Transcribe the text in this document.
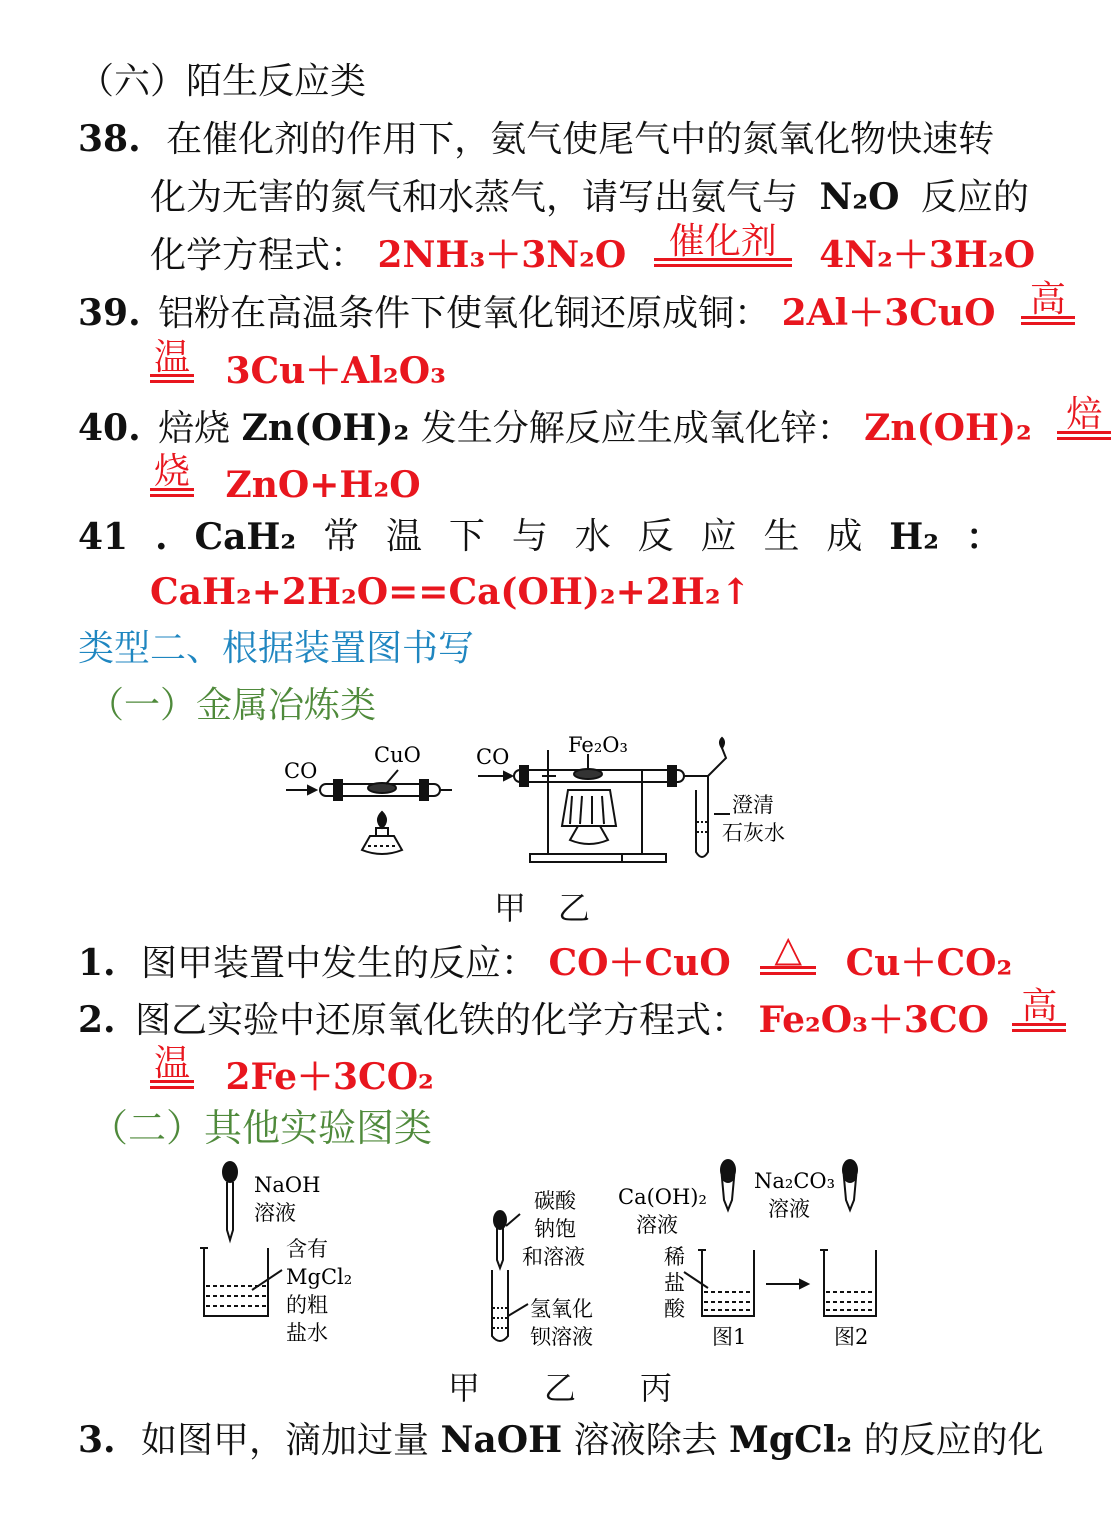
（六）陌生反应类
38. 在催化剂的作用下，氨气使尾气中的氮氧化物快速转
化为无害的氮气和水蒸气，请写出氨气与 N₂O 反应的
化学方程式： 2NH₃＋3N₂O 催化剂 4N₂＋3H₂O
39. 铝粉在高温条件下使氧化铜还原成铜： 2Al＋3CuO 高
温 3Cu＋Al₂O₃
40. 焙烧 Zn(OH)₂ 发生分解反应生成氧化锌： Zn(OH)₂ 焙
烧 ZnO+H₂O
41 . CaH₂ 常 温 下 与 水 反 应 生 成 H₂ ：
CaH₂+2H₂O==Ca(OH)₂+2H₂↑
类型二、根据装置图书写
（一）金属冶炼类
CO
CuO	CO	Fe₂O₃
澄清
石灰水
甲　乙
1. 图甲装置中发生的反应： CO＋CuO △ Cu＋CO₂
2. 图乙实验中还原氧化铁的化学方程式： Fe₂O₃＋3CO 高
温 2Fe＋3CO₂
（二）其他实验图类
NaOH
溶液
含有
MgCl₂
的粗
盐水
碳酸
钠饱
和溶液
氢氧化
钡溶液
Ca(OH)₂
溶液
稀
盐
酸
Na₂CO₃
溶液
图1	图2
甲　　乙　　丙
3. 如图甲，滴加过量 NaOH 溶液除去 MgCl₂ 的反应的化
